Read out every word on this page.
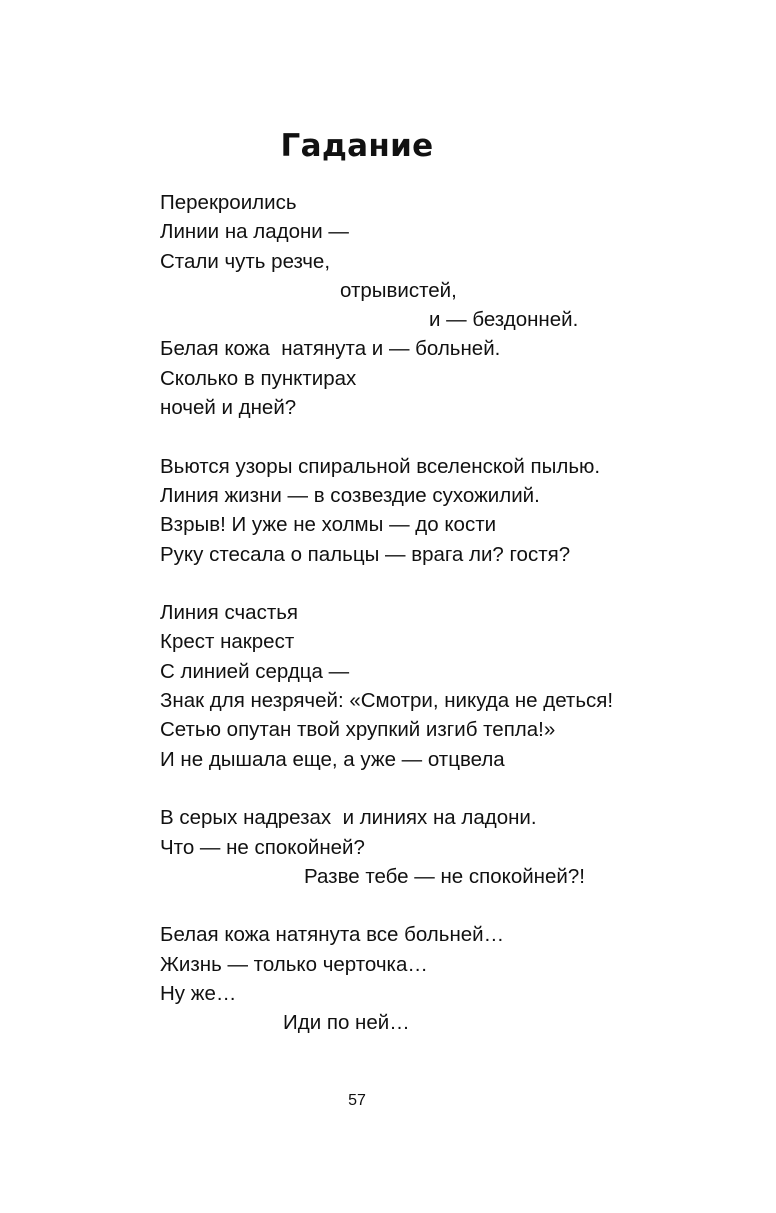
Гадание
Перекроились
Линии на ладони —
Стали чуть резче,
отрывистей,
и — бездонней.
Белая кожа  натянута и — больней.
Сколько в пунктирах
ночей и дней?
Вьются узоры спиральной вселенской пылью.
Линия жизни — в созвездие сухожилий.
Взрыв! И уже не холмы — до кости
Руку стесала о пальцы — врага ли? гостя?
Линия счастья
Крест накрест
С линией сердца —
Знак для незрячей: «Смотри, никуда не деться!
Сетью опутан твой хрупкий изгиб тепла!»
И не дышала еще, а уже — отцвела
В серых надрезах  и линиях на ладони.
Что — не спокойней?
Разве тебе — не спокойней?!
Белая кожа натянута все больней…
Жизнь — только черточка…
Ну же…
Иди по ней…
57
